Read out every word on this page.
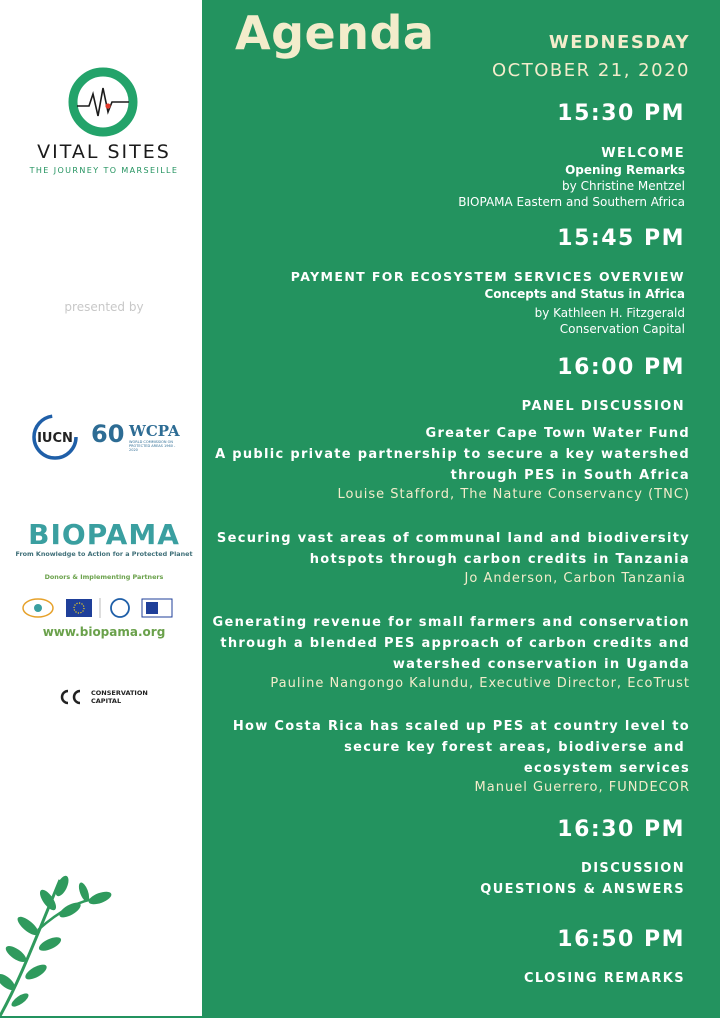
VITAL SITES
THE JOURNEY TO MARSEILLE
presented by
IUCN 60 WCPA
WORLD COMMISSION ON PROTECTED AREAS 1960 - 2020
BIOPAMA
From Knowledge to Action for a Protected Planet
Donors & Implementing Partners
www.biopama.org
CONSERVATION CAPITAL
Agenda	WEDNESDAY
OCTOBER 21, 2020
15:30 PM
WELCOME
Opening Remarks
by Christine Mentzel
BIOPAMA Eastern and Southern Africa
15:45 PM
PAYMENT FOR ECOSYSTEM SERVICES OVERVIEW
Concepts and Status in Africa
by Kathleen H. Fitzgerald
Conservation Capital
16:00 PM
PANEL DISCUSSION
Greater Cape Town Water Fund
A public private partnership to secure a key watershed
through PES in South Africa
Louise Stafford, The Nature Conservancy (TNC)
Securing vast areas of communal land and biodiversity
hotspots through carbon credits in Tanzania
Jo Anderson, Carbon Tanzania
Generating revenue for small farmers and conservation
through a blended PES approach of carbon credits and
watershed conservation in Uganda
Pauline Nangongo Kalundu, Executive Director, EcoTrust
How Costa Rica has scaled up PES at country level to
secure key forest areas, biodiverse and
ecosystem services
Manuel Guerrero, FUNDECOR
16:30 PM
DISCUSSION
QUESTIONS & ANSWERS
16:50 PM
CLOSING REMARKS
